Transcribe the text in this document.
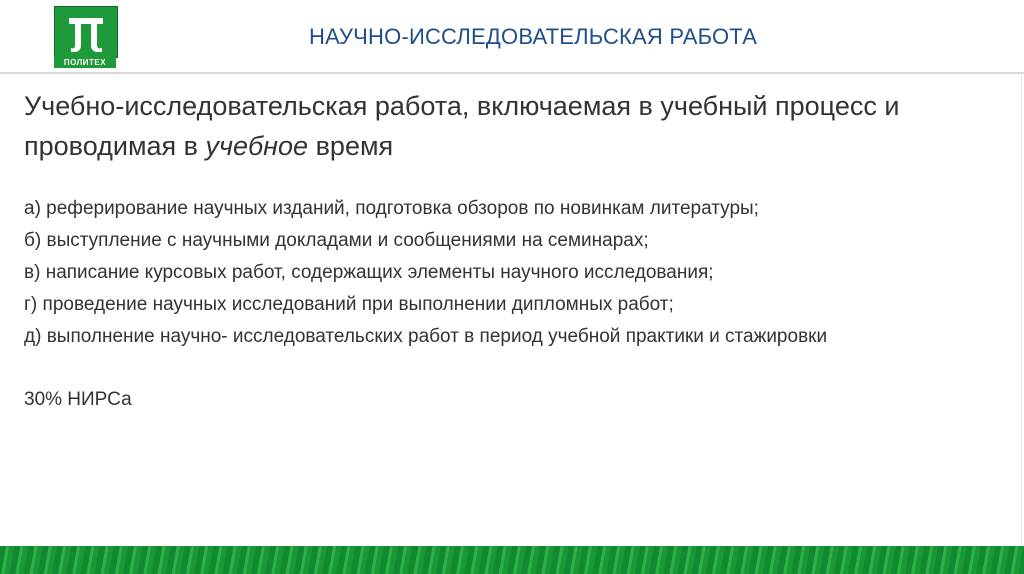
ПОЛИТЕХ
НАУЧНО-ИССЛЕДОВАТЕЛЬСКАЯ РАБОТА

Учебно-исследовательская работа, включаемая в учебный процесс и проводимая в учебное время

а) реферирование научных изданий, подготовка обзоров по новинкам литературы;
б) выступление с научными докладами и сообщениями на семинарах;
в) написание курсовых работ, содержащих элементы научного исследования;
г) проведение научных исследований при выполнении дипломных работ;
д) выполнение научно- исследовательских работ в период учебной практики и стажировки
30% НИРСа
